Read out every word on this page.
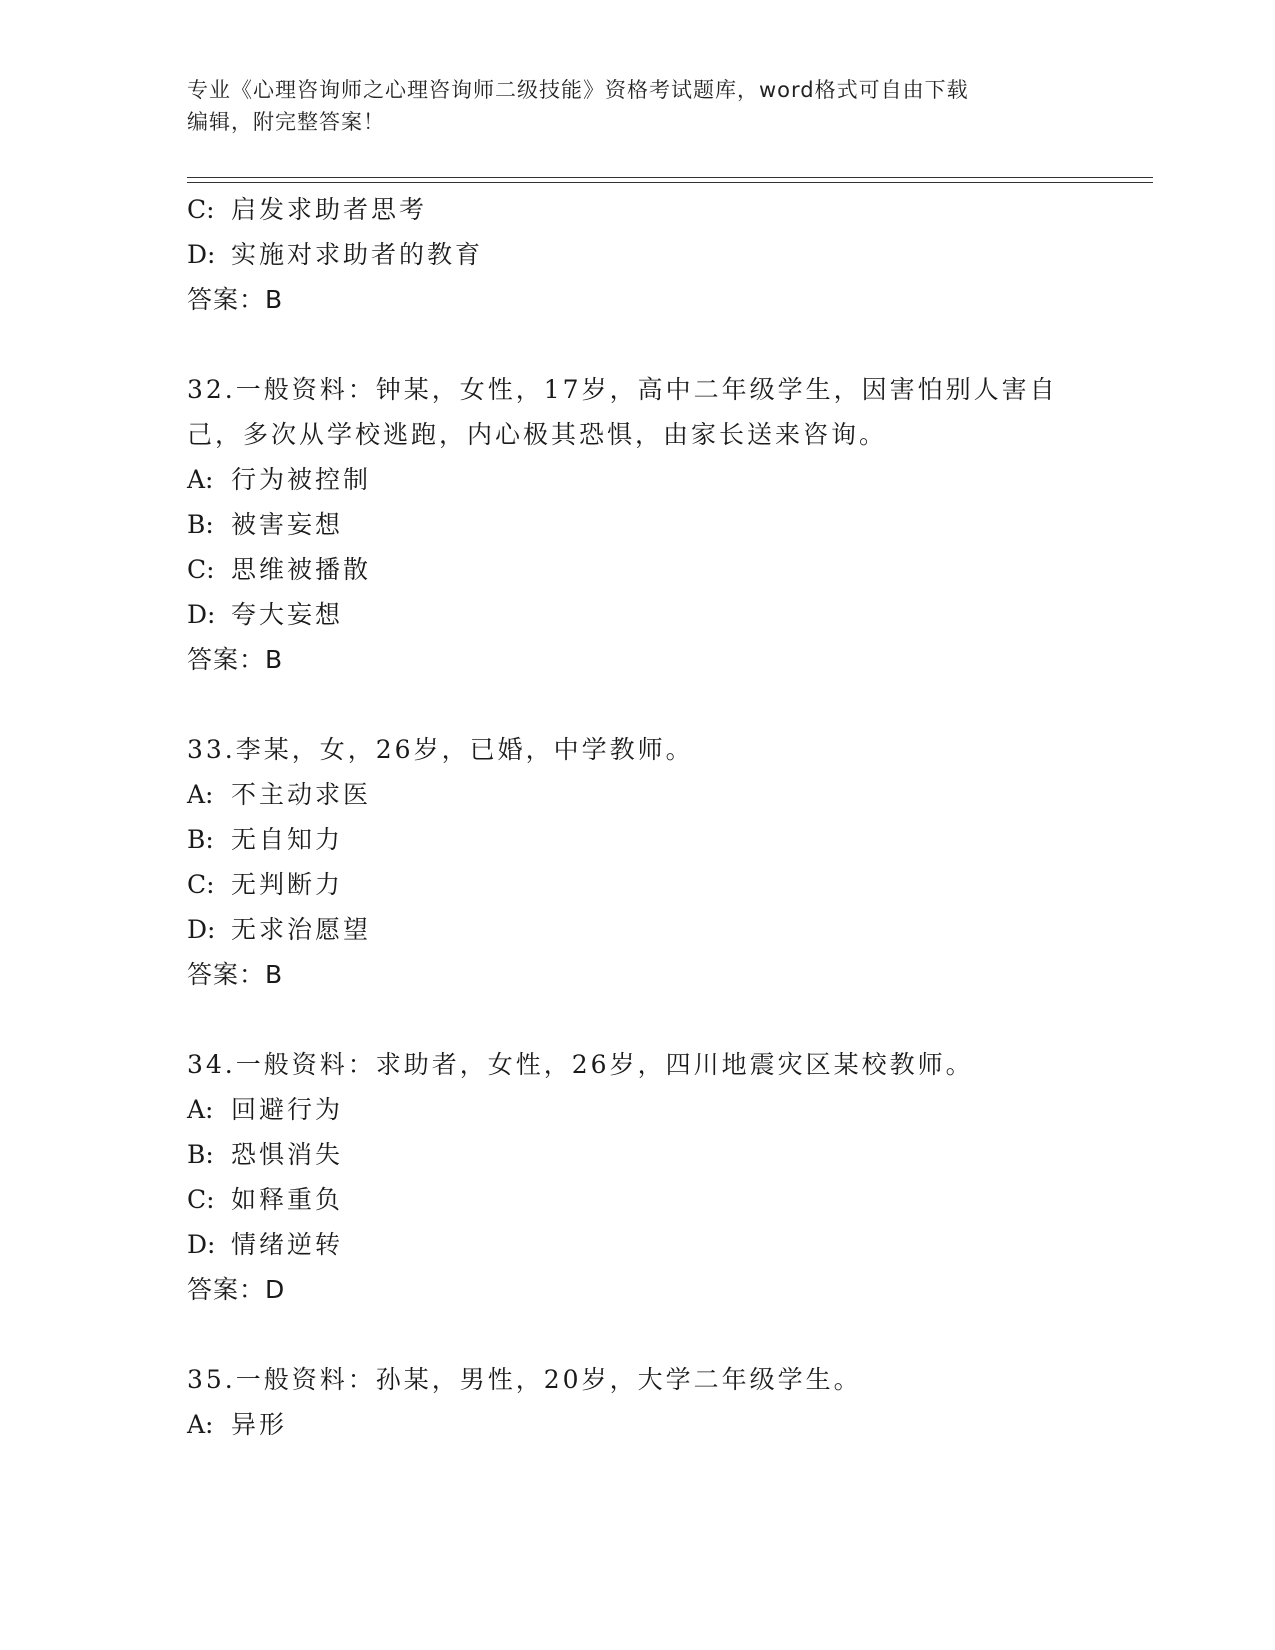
专业《心理咨询师之心理咨询师二级技能》资格考试题库，word格式可自由下载
编辑，附完整答案！
C: 启发求助者思考
D: 实施对求助者的教育
答案：B
32.一般资料：钟某，女性，17岁，高中二年级学生，因害怕别人害自
己，多次从学校逃跑，内心极其恐惧，由家长送来咨询。
A: 行为被控制
B: 被害妄想
C: 思维被播散
D: 夸大妄想
答案：B
33.李某，女，26岁，已婚，中学教师。
A: 不主动求医
B: 无自知力
C: 无判断力
D: 无求治愿望
答案：B
34.一般资料：求助者，女性，26岁，四川地震灾区某校教师。
A: 回避行为
B: 恐惧消失
C: 如释重负
D: 情绪逆转
答案：D
35.一般资料：孙某，男性，20岁，大学二年级学生。
A: 异形
